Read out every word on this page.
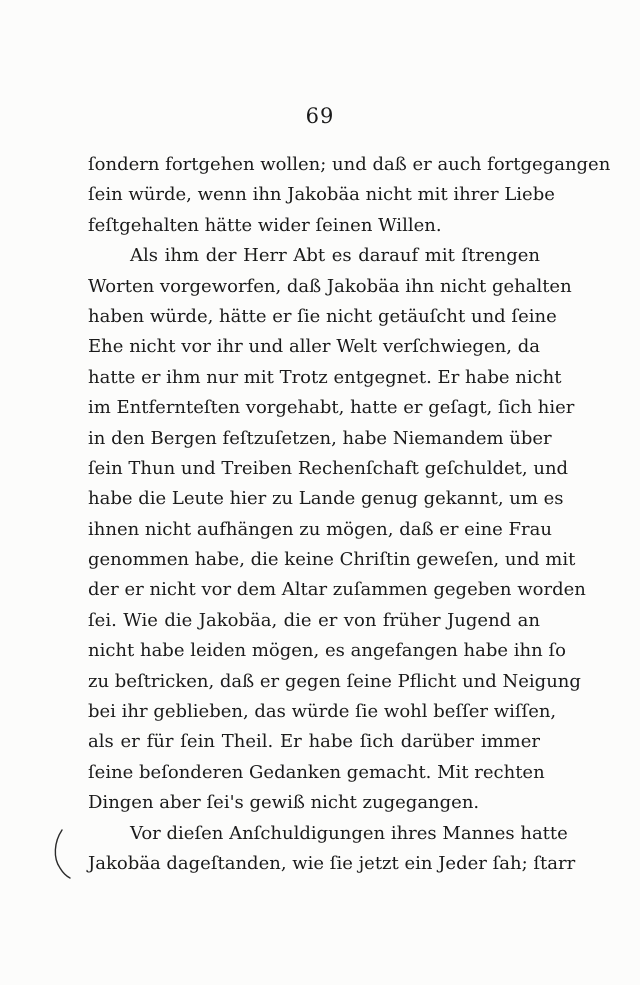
69
ſondern fortgehen wollen; und daß er auch fortgegangen
ſein würde, wenn ihn Jakobäa nicht mit ihrer Liebe
feſtgehalten hätte wider ſeinen Willen.
Als ihm der Herr Abt es darauf mit ſtrengen
Worten vorgeworfen, daß Jakobäa ihn nicht gehalten
haben würde, hätte er ſie nicht getäuſcht und ſeine
Ehe nicht vor ihr und aller Welt verſchwiegen, da
hatte er ihm nur mit Trotz entgegnet. Er habe nicht
im Entfernteſten vorgehabt, hatte er geſagt, ſich hier
in den Bergen feſtzuſetzen, habe Niemandem über
ſein Thun und Treiben Rechenſchaft geſchuldet, und
habe die Leute hier zu Lande genug gekannt, um es
ihnen nicht aufhängen zu mögen, daß er eine Frau
genommen habe, die keine Chriſtin geweſen, und mit
der er nicht vor dem Altar zuſammen gegeben worden
ſei. Wie die Jakobäa, die er von früher Jugend an
nicht habe leiden mögen, es angefangen habe ihn ſo
zu beſtricken, daß er gegen ſeine Pflicht und Neigung
bei ihr geblieben, das würde ſie wohl beſſer wiſſen,
als er für ſein Theil. Er habe ſich darüber immer
ſeine beſonderen Gedanken gemacht. Mit rechten
Dingen aber ſei's gewiß nicht zugegangen.
Vor dieſen Anſchuldigungen ihres Mannes hatte
Jakobäa dageſtanden, wie ſie jetzt ein Jeder ſah; ſtarr
